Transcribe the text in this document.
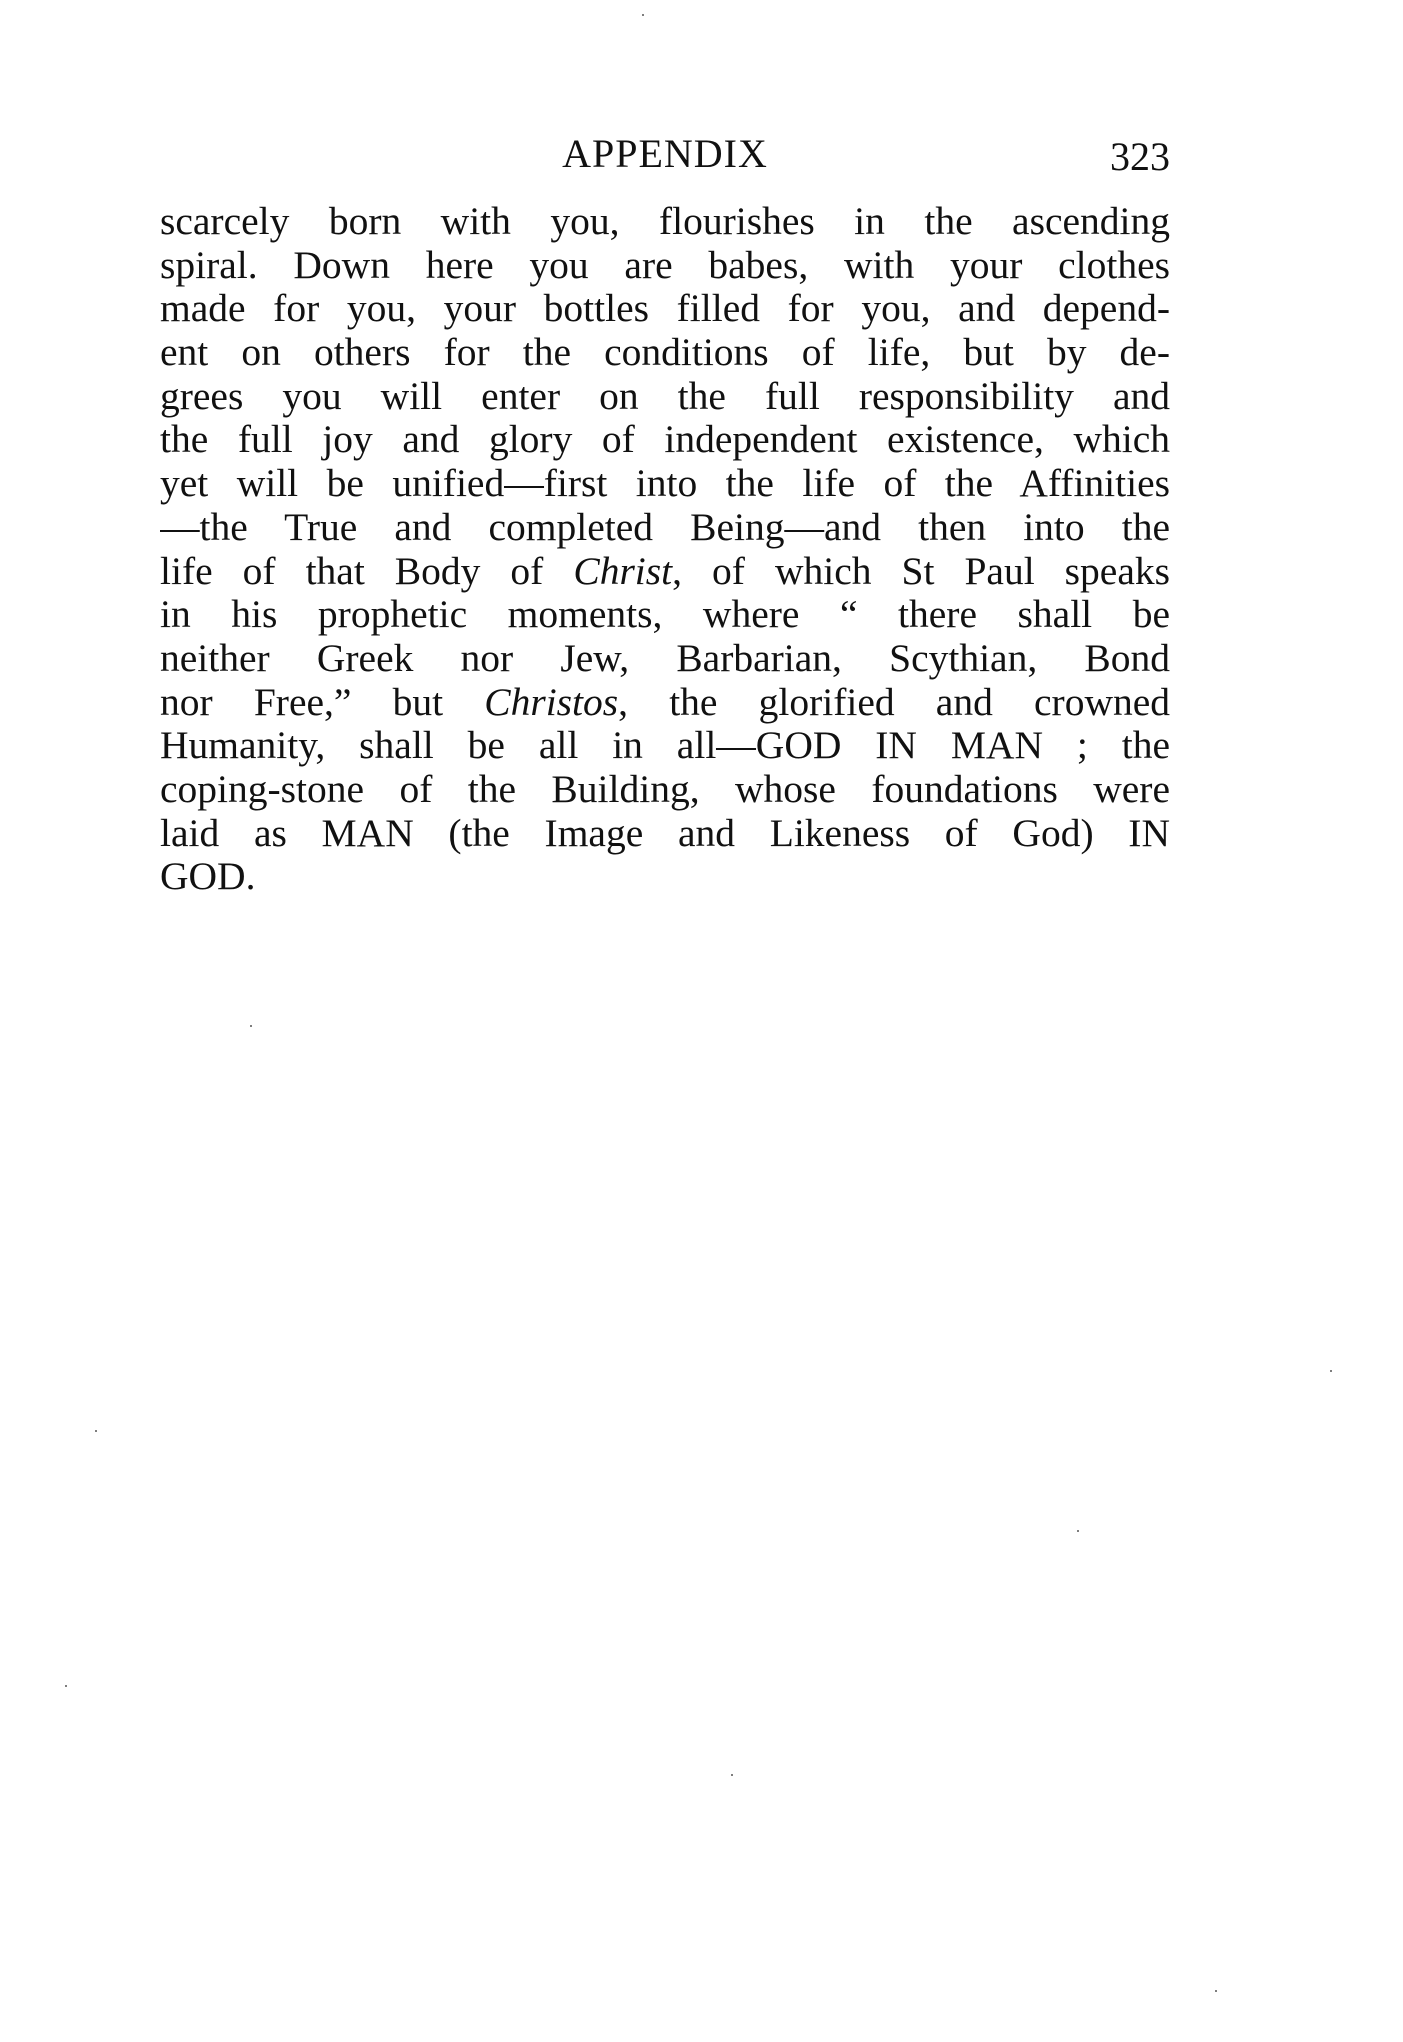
APPENDIX	323
scarcely born with you, flourishes in the ascending
spiral. Down here you are babes, with your clothes
made for you, your bottles filled for you, and depend-
ent on others for the conditions of life, but by de-
grees you will enter on the full responsibility and
the full joy and glory of independent existence, which
yet will be unified—first into the life of the Affinities
—the True and completed Being—and then into the
life of that Body of Christ, of which St Paul speaks
in his prophetic moments, where “ there shall be
neither Greek nor Jew, Barbarian, Scythian, Bond
nor Free,” but Christos, the glorified and crowned
Humanity, shall be all in all—GOD IN MAN ; the
coping-stone of the Building, whose foundations were
laid as MAN (the Image and Likeness of God) IN
GOD.
